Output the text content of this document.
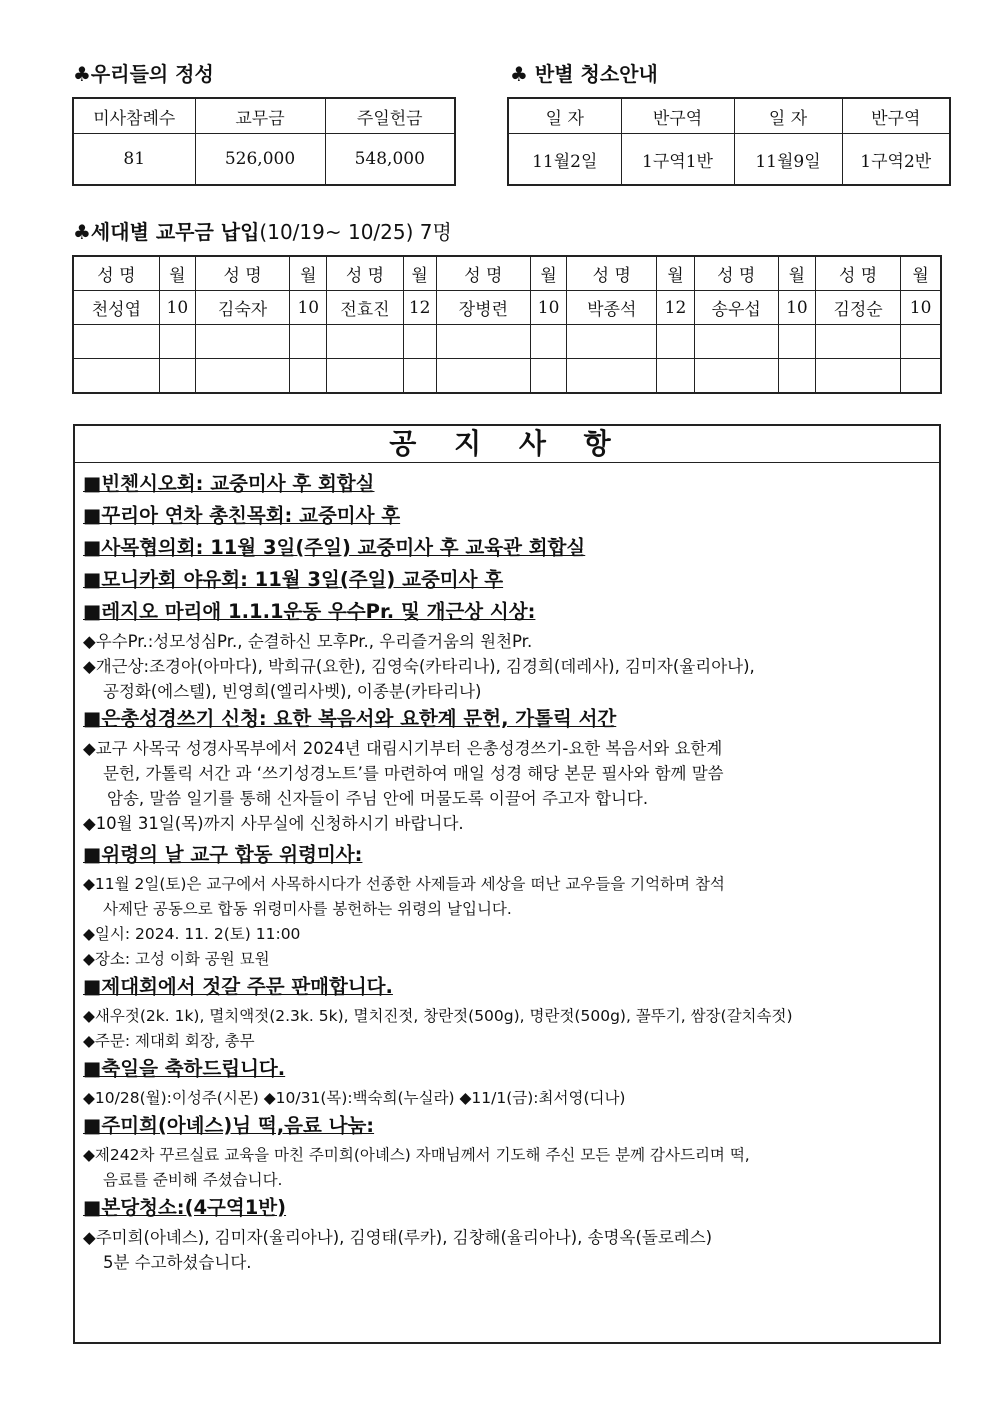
♣우리들의 정성
미사참례수	교무금	주일헌금
81	526,000	548,000
♣ 반별 청소안내
일 자	반구역	일 자	반구역
11월2일	1구역1반	11월9일	1구역2반
♣세대별 교무금 납입(10/19~ 10/25) 7명
성 명	월	성 명	월	성 명	월	성 명	월	성 명	월	성 명	월	성 명	월
천성엽	10	김숙자	10	전효진	12	장병련	10	박종석	12	송우섭	10	김정순	10

공 지 사 항
■빈첸시오회: 교중미사 후 회합실
■꾸리아 연차 총친목회: 교중미사 후
■사목협의회: 11월 3일(주일) 교중미사 후 교육관 회합실
■모니카회 야유회: 11월 3일(주일) 교중미사 후
■레지오 마리애 1.1.1운동 우수Pr. 및 개근상 시상:
◆우수Pr.:성모성심Pr., 순결하신 모후Pr., 우리즐거움의 원천Pr.
◆개근상:조경아(아마다), 박희규(요한), 김영숙(카타리나), 김경희(데레사), 김미자(율리아나),
공정화(에스텔), 빈영희(엘리사벳), 이종분(카타리나)
■은총성경쓰기 신청: 요한 복음서와 요한계 문헌, 가톨릭 서간
◆교구 사목국 성경사목부에서 2024년 대림시기부터 은총성경쓰기-요한 복음서와 요한계
문헌, 가톨릭 서간 과 ‘쓰기성경노트’를 마련하여 매일 성경 해당 본문 필사와 함께 말씀
암송, 말씀 일기를 통해 신자들이 주님 안에 머물도록 이끌어 주고자 합니다.
◆10월 31일(목)까지 사무실에 신청하시기 바랍니다.
■위령의 날 교구 합동 위령미사:
◆11월 2일(토)은 교구에서 사목하시다가 선종한 사제들과 세상을 떠난 교우들을 기억하며 참석
사제단 공동으로 합동 위령미사를 봉헌하는 위령의 날입니다.
◆일시: 2024. 11. 2(토) 11:00
◆장소: 고성 이화 공원 묘원
■제대회에서 젓갈 주문 판매합니다.
◆새우젓(2k. 1k), 멸치액젓(2.3k. 5k), 멸치진젓, 창란젓(500g), 명란젓(500g), 꼴뚜기, 쌈장(갈치속젓)
◆주문: 제대회 회장, 총무
■축일을 축하드립니다.
◆10/28(월):이성주(시몬) ◆10/31(목):백숙희(누실라) ◆11/1(금):최서영(디나)
■주미희(아녜스)님 떡,음료 나눔:
◆제242차 꾸르실료 교육을 마친 주미희(아녜스) 자매님께서 기도해 주신 모든 분께 감사드리며 떡,
음료를 준비해 주셨습니다.
■본당청소:(4구역1반)
◆주미희(아녜스), 김미자(율리아나), 김영태(루카), 김창해(율리아나), 송명옥(돌로레스)
5분 수고하셨습니다.
